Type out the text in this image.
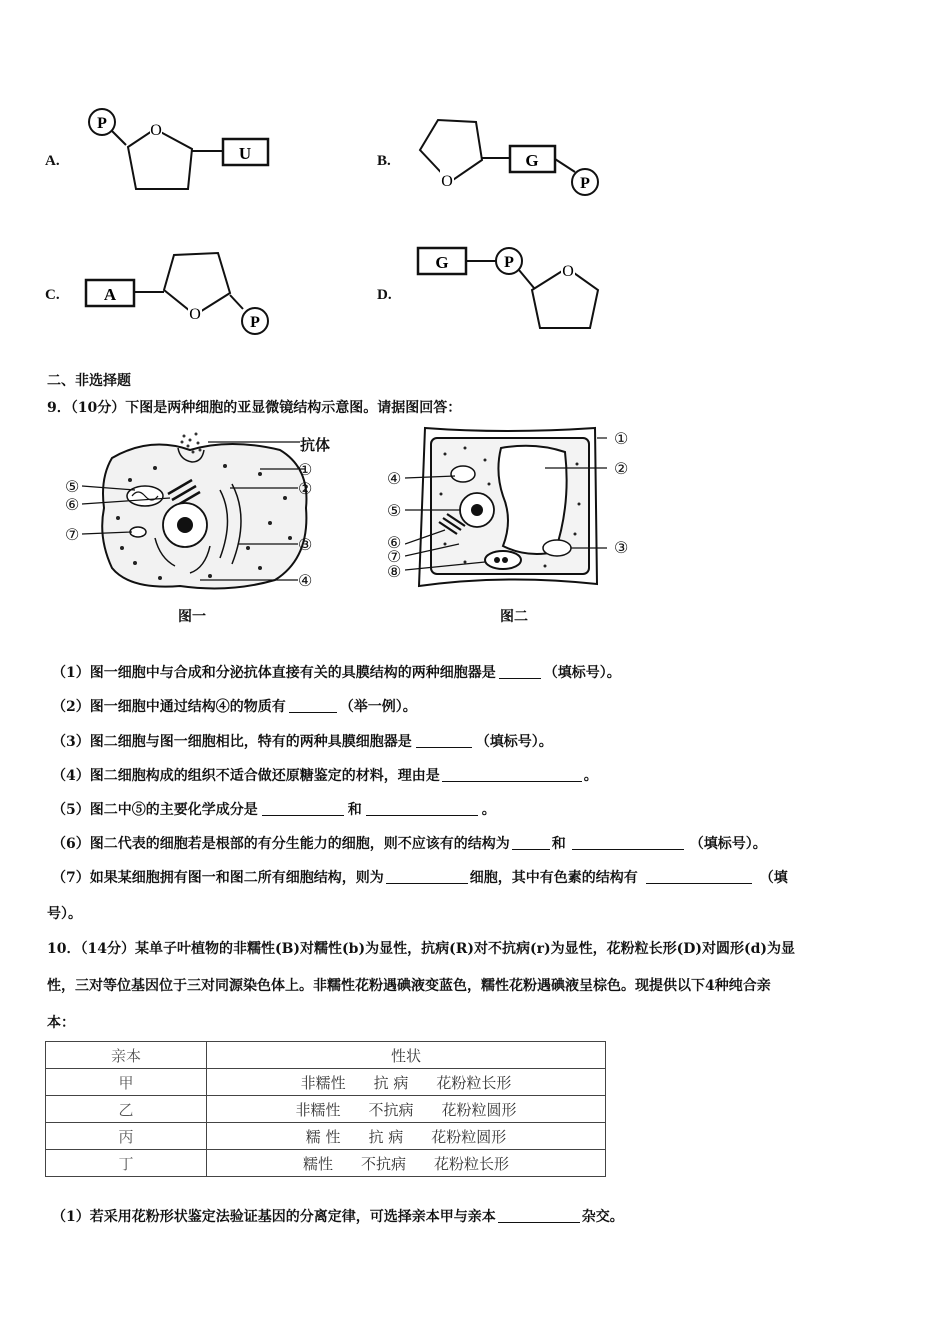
A.
P	O
U	B.
O
G
P
C.	A
O	P
D.
G	P
O
二、非选择题
9．（10分）下图是两种细胞的亚显微镜结构示意图。请据图回答：
抗体
①
②
③
④
⑤
⑥
⑦
图一
①
②
③
④
⑤
⑥
⑦
⑧
图二
（1）图一细胞中与合成和分泌抗体直接有关的具膜结构的两种细胞器是	（填标号）。
（2）图一细胞中通过结构④的物质有	（举一例）。
（3）图二细胞与图一细胞相比，特有的两种具膜细胞器是	（填标号）。
（4）图二细胞构成的组织不适合做还原糖鉴定的材料，理由是	。
（5）图二中⑤的主要化学成分是	和	。
（6）图二代表的细胞若是根部的有分生能力的细胞，则不应该有的结构为	和	（填标号）。
（7）如果某细胞拥有图一和图二所有细胞结构，则为	细胞，其中有色素的结构有	（填
号）。
10．（14分）某单子叶植物的非糯性(B)对糯性(b)为显性，抗病(R)对不抗病(r)为显性，花粉粒长形(D)对圆形(d)为显
性，三对等位基因位于三对同源染色体上。非糯性花粉遇碘液变蓝色，糯性花粉遇碘液呈棕色。现提供以下4种纯合亲
本：
亲本	性状
甲	非糯性 抗 病 花粉粒长形
乙	非糯性 不抗病 花粉粒圆形
丙	糯 性 抗 病 花粉粒圆形
丁	糯性 不抗病 花粉粒长形
（1）若采用花粉形状鉴定法验证基因的分离定律，可选择亲本甲与亲本	杂交。
